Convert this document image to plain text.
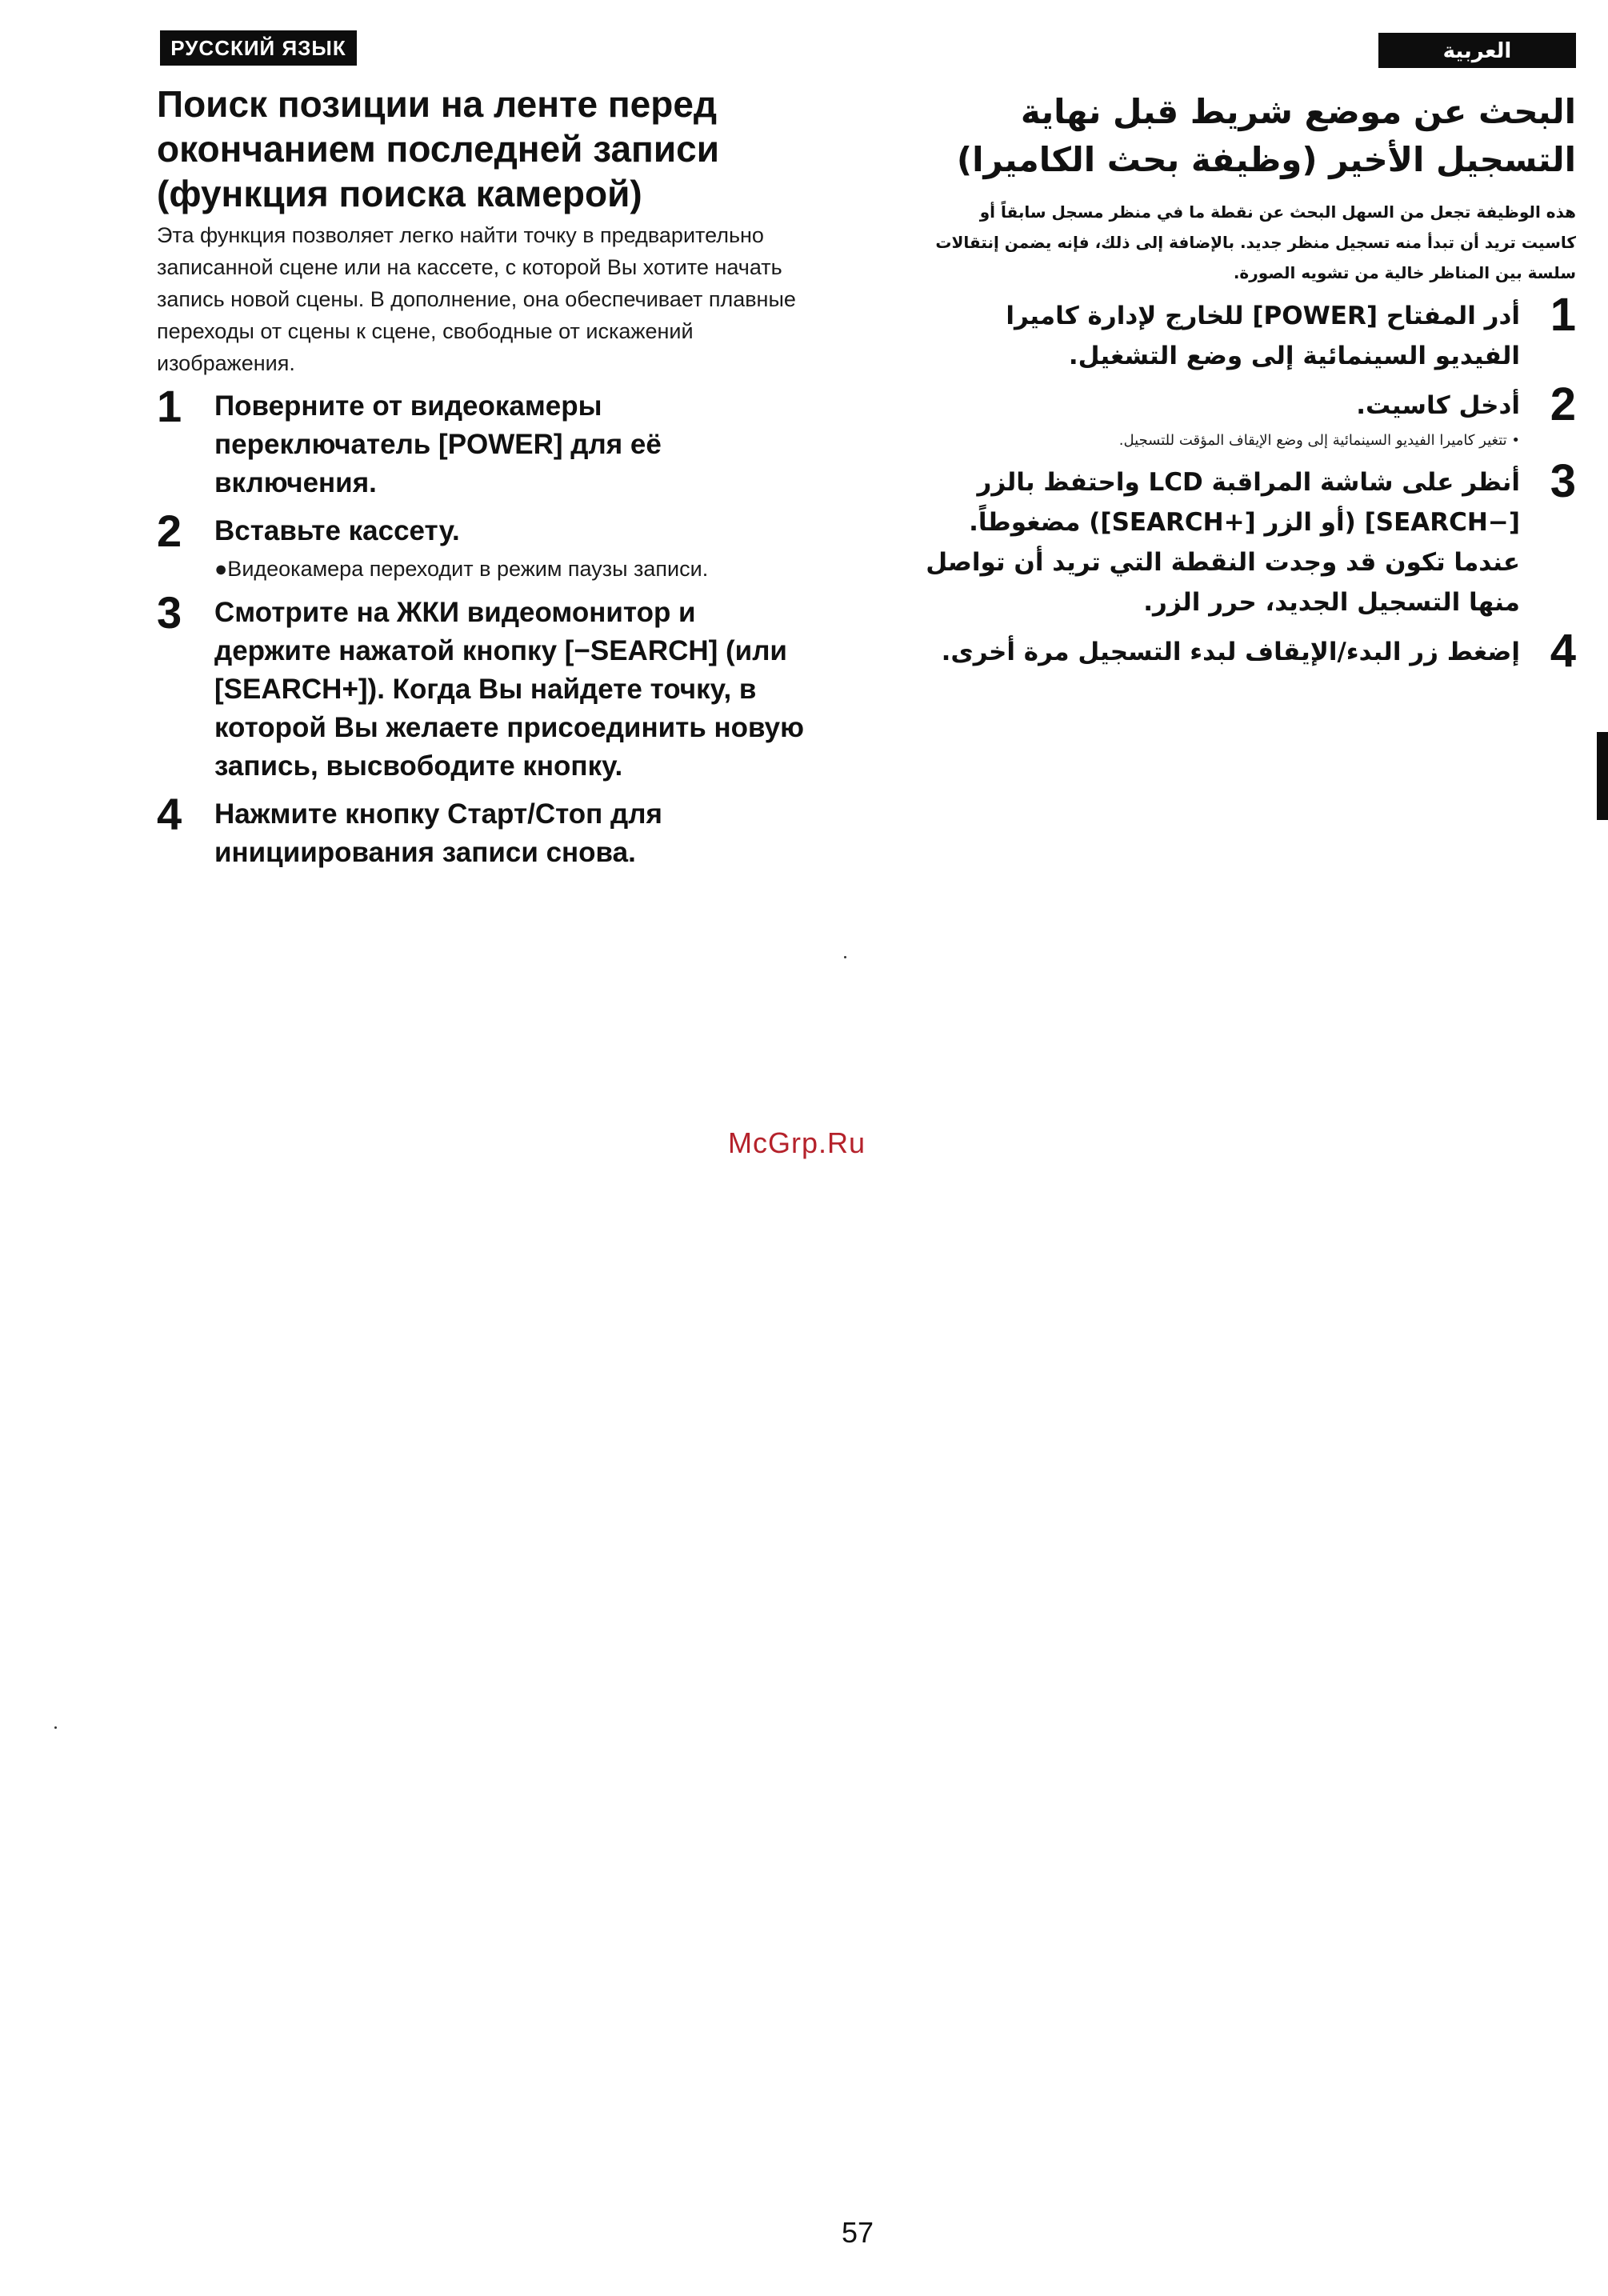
РУССКИЙ ЯЗЫК	العربية
Поиск позиции на ленте перед окончанием последней записи (функция поиска камерой)

Эта функция позволяет легко найти точку в предварительно записанной сцене или на кассете, с которой Вы хотите начать запись новой сцены. В дополнение, она обеспечивает плавные переходы от сцены к сцене, свободные от искажений изображения.

1 Поверните от видеокамеры переключатель [POWER] для её включения.

2 Вставьте кассету.

●Видеокамера переходит в режим паузы записи.

3 Смотрите на ЖКИ видеомонитор и держите нажатой кнопку [−SEARCH] (или [SEARCH+]). Когда Вы найдете точку, в которой Вы желаете присоединить новую запись, высвободите кнопку.

4 Нажмите кнопку Старт/Стоп для инициирования записи снова.

البحث عن موضع شريط قبل نهاية التسجيل الأخير (وظيفة بحث الكاميرا)

هذه الوظيفة تجعل من السهل البحث عن نقطة ما في منظر مسجل سابقاً أو كاسيت تريد أن تبدأ منه تسجيل منظر جديد. بالإضافة إلى ذلك، فإنه يضمن إنتقالات سلسة بين المناظر خالية من تشويه الصورة.

1

أدر المفتاح [POWER] للخارج لإدارة كاميرا الفيديو السينمائية إلى وضع التشغيل.

2

أدخل كاسيت.

• تتغير كاميرا الفيديو السينمائية إلى وضع الإيقاف المؤقت للتسجيل.

3

أنظر على شاشة المراقبة LCD واحتفظ بالزر [−SEARCH] (أو الزر [+SEARCH]) مضغوطاً. عندما تكون قد وجدت النقطة التي تريد أن تواصل منها التسجيل الجديد، حرر الزر.

4

إضغط زر البدء/الإيقاف لبدء التسجيل مرة أخرى.

McGrp.Ru
57
